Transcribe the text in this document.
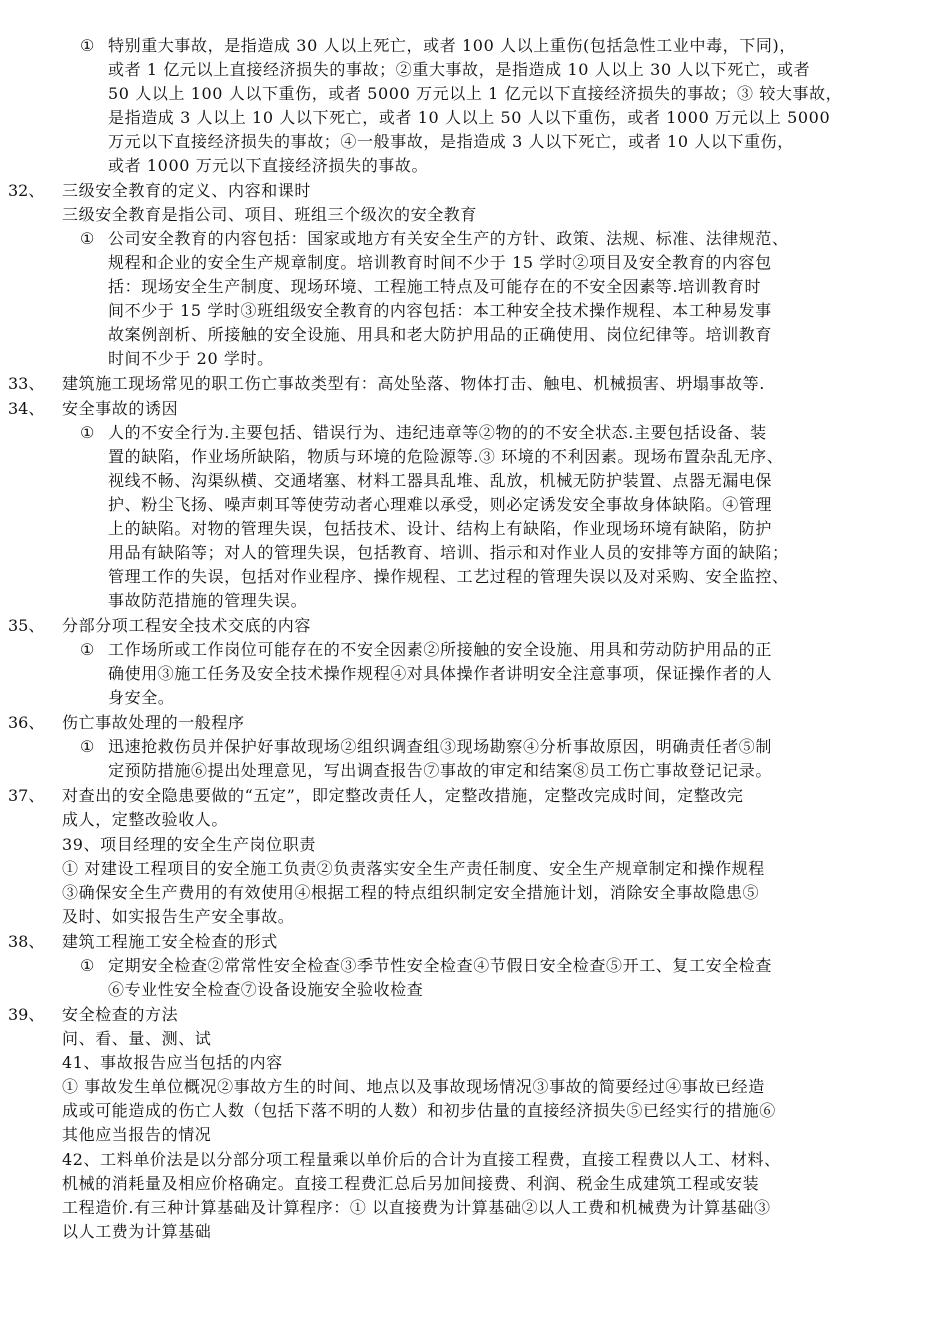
① 特别重大事故，是指造成 30 人以上死亡，或者 100 人以上重伤(包括急性工业中毒，下同)，
或者 1 亿元以上直接经济损失的事故；②重大事故，是指造成 10 人以上 30 人以下死亡，或者
50 人以上 100 人以下重伤，或者 5000 万元以上 1 亿元以下直接经济损失的事故；③ 较大事故，
是指造成 3 人以上 10 人以下死亡，或者 10 人以上 50 人以下重伤，或者 1000 万元以上 5000
万元以下直接经济损失的事故；④一般事故，是指造成 3 人以下死亡，或者 10 人以下重伤，
或者 1000 万元以下直接经济损失的事故。
32、 三级安全教育的定义、内容和课时
三级安全教育是指公司、项目、班组三个级次的安全教育
① 公司安全教育的内容包括：国家或地方有关安全生产的方针、政策、法规、标准、法律规范、
规程和企业的安全生产规章制度。培训教育时间不少于 15 学时②项目及安全教育的内容包
括：现场安全生产制度、现场环境、工程施工特点及可能存在的不安全因素等.培训教育时
间不少于 15 学时③班组级安全教育的内容包括：本工种安全技术操作规程、本工种易发事
故案例剖析、所接触的安全设施、用具和老大防护用品的正确使用、岗位纪律等。培训教育
时间不少于 20 学时。
33、 建筑施工现场常见的职工伤亡事故类型有：高处坠落、物体打击、触电、机械损害、坍塌事故等.
34、 安全事故的诱因
① 人的不安全行为.主要包括、错误行为、违纪违章等②物的的不安全状态.主要包括设备、装
置的缺陷，作业场所缺陷，物质与环境的危险源等.③ 环境的不利因素。现场布置杂乱无序、
视线不畅、沟渠纵横、交通堵塞、材料工器具乱堆、乱放，机械无防护装置、点器无漏电保
护、粉尘飞扬、噪声刺耳等使劳动者心理难以承受，则必定诱发安全事故身体缺陷。④管理
上的缺陷。对物的管理失误，包括技术、设计、结构上有缺陷，作业现场环境有缺陷，防护
用品有缺陷等；对人的管理失误，包括教育、培训、指示和对作业人员的安排等方面的缺陷；
管理工作的失误，包括对作业程序、操作规程、工艺过程的管理失误以及对采购、安全监控、
事故防范措施的管理失误。
35、 分部分项工程安全技术交底的内容
① 工作场所或工作岗位可能存在的不安全因素②所接触的安全设施、用具和劳动防护用品的正
确使用③施工任务及安全技术操作规程④对具体操作者讲明安全注意事项，保证操作者的人
身安全。
36、 伤亡事故处理的一般程序
① 迅速抢救伤员并保护好事故现场②组织调查组③现场勘察④分析事故原因，明确责任者⑤制
定预防措施⑥提出处理意见，写出调查报告⑦事故的审定和结案⑧员工伤亡事故登记记录。
37、 对查出的安全隐患要做的“五定”，即定整改责任人，定整改措施，定整改完成时间，定整改完
成人，定整改验收人。
39、项目经理的安全生产岗位职责
① 对建设工程项目的安全施工负责②负责落实安全生产责任制度、安全生产规章制定和操作规程
③确保安全生产费用的有效使用④根据工程的特点组织制定安全措施计划，消除安全事故隐患⑤
及时、如实报告生产安全事故。
38、 建筑工程施工安全检查的形式
① 定期安全检查②常常性安全检查③季节性安全检查④节假日安全检查⑤开工、复工安全检查
⑥专业性安全检查⑦设备设施安全验收检查
39、 安全检查的方法
问、看、量、测、试
41、事故报告应当包括的内容
① 事故发生单位概况②事故方生的时间、地点以及事故现场情况③事故的简要经过④事故已经造
成或可能造成的伤亡人数（包括下落不明的人数）和初步估量的直接经济损失⑤已经实行的措施⑥
其他应当报告的情况
42、工料单价法是以分部分项工程量乘以单价后的合计为直接工程费，直接工程费以人工、材料、
机械的消耗量及相应价格确定。直接工程费汇总后另加间接费、利润、税金生成建筑工程或安装
工程造价.有三种计算基础及计算程序：① 以直接费为计算基础②以人工费和机械费为计算基础③
以人工费为计算基础
